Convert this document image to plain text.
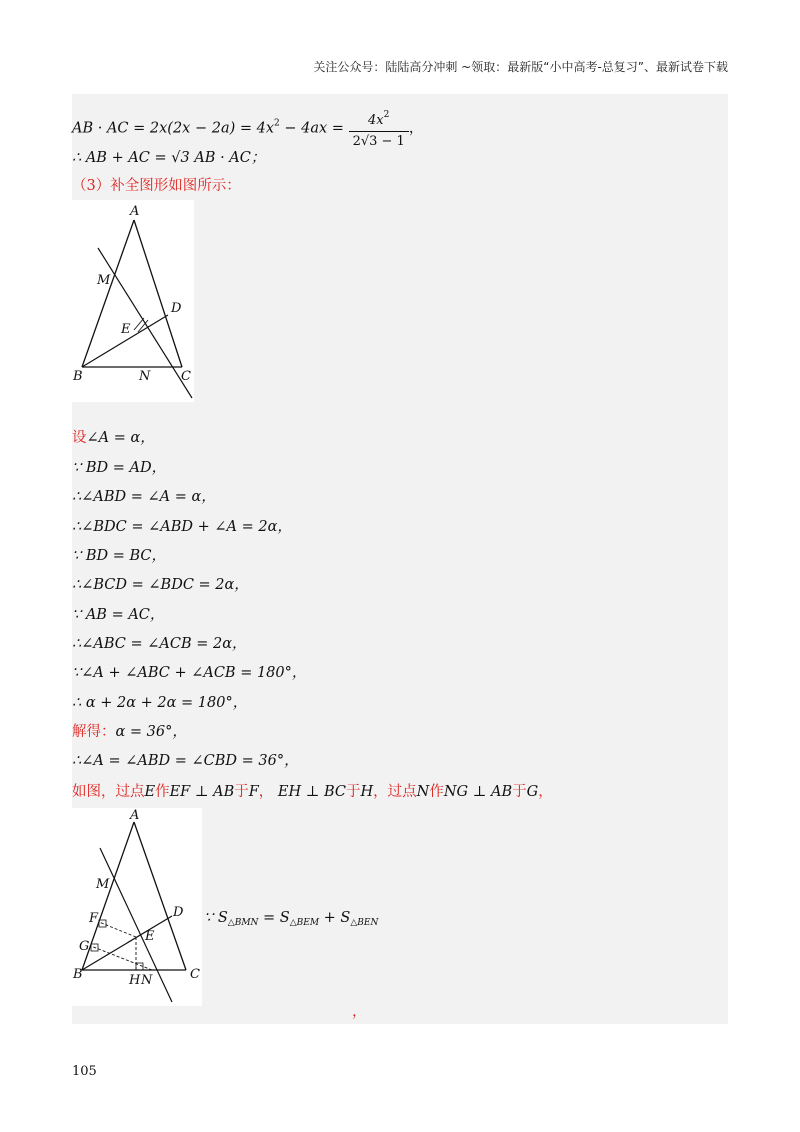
关注公众号：陆陆高分冲刺 ~领取：最新版“小中高考-总复习”、最新试卷下载
AB · AC = $2x(2x - 2a) = 4x^2 - 4ax = \frac{4x^2}{2√3 - 1}$ ，
∴ AB + AC = √3 AB · AC；
（3）补全图形如图所示：
A
M
D
E
B	N C
设∠A = α，
∵ BD = AD，
∴∠ABD = ∠A = α，
∴∠BDC = ∠ABD + ∠A = 2α，
∵ BD = BC，
∴∠BCD = ∠BDC = 2α，
∵ AB = AC，
∴∠ABC = ∠ACB = 2α，
∵∠A + ∠ABC + ∠ACB = 180°，
∴ α + 2α + 2α = 180°，
解得：α = 36°，
∴∠A = ∠ABD = ∠CBD = 36°，
如图，过点E作EF ⊥ AB于F， EH ⊥ BC于H，过点N作NG ⊥ AB于G，
A
M
F	D
E
G
B	H N	C
∵ $S_{\triangle BMN} = S_{\triangle BEM} + S_{\triangle BEN}$
，
105
